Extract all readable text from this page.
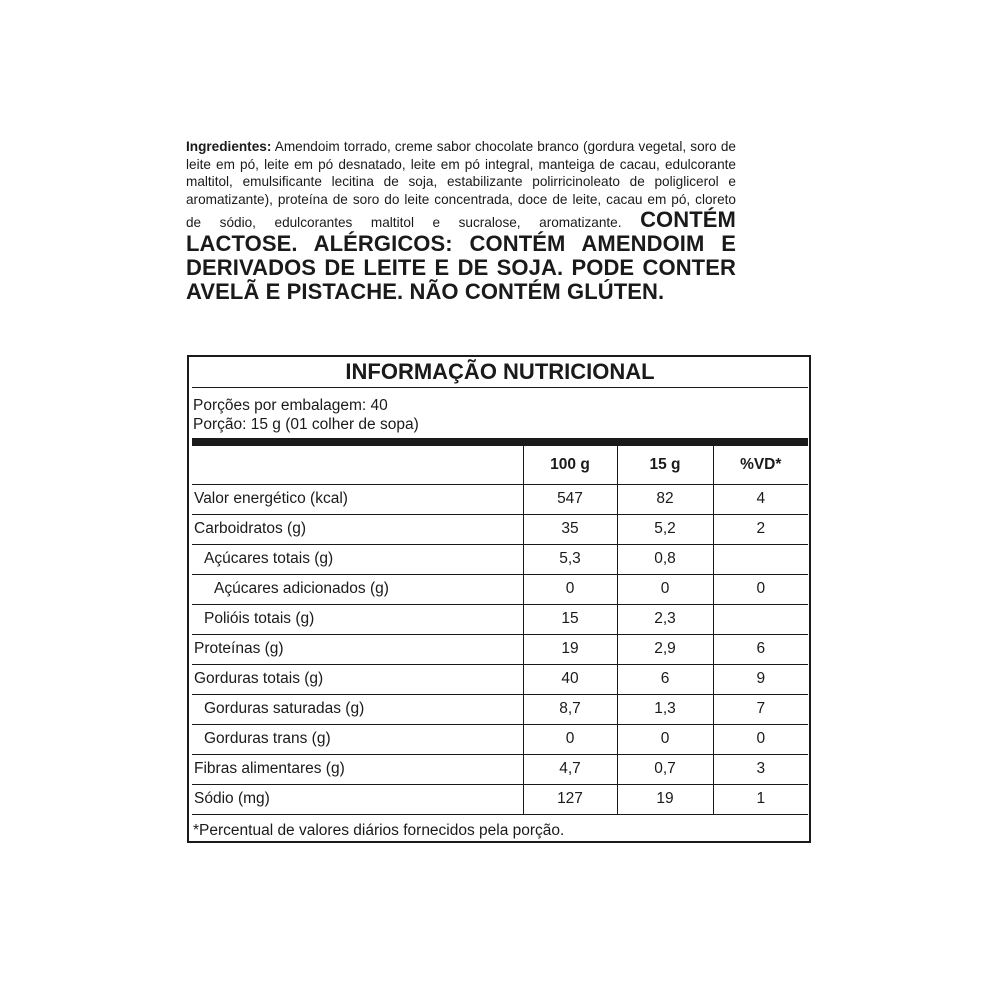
Ingredientes: Amendoim torrado, creme sabor chocolate branco (gordura vegetal, soro de leite em pó, leite em pó desnatado, leite em pó integral, manteiga de cacau, edulcorante maltitol, emulsificante lecitina de soja, estabilizante polirricinoleato de poliglicerol e aromatizante), proteína de soro do leite concentrada, doce de leite, cacau em pó, cloreto de sódio, edulcorantes maltitol e sucralose, aromatizante. CONTÉM LACTOSE. ALÉRGICOS: CONTÉM AMENDOIM E DERIVADOS DE LEITE E DE SOJA. PODE CONTER AVELÃ E PISTACHE. NÃO CONTÉM GLÚTEN.

INFORMAÇÃO NUTRICIONAL
Porções por embalagem: 40
Porção: 15 g (01 colher de sopa)
	100 g	15 g	%VD*
Valor energético (kcal)	547	82	4
Carboidratos (g)	35	5,2	2
Açúcares totais (g)	5,3	0,8	
Açúcares adicionados (g)	0	0	0
Polióis totais (g)	15	2,3	
Proteínas (g)	19	2,9	6
Gorduras totais (g)	40	6	9
Gorduras saturadas (g)	8,7	1,3	7
Gorduras trans (g)	0	0	0
Fibras alimentares (g)	4,7	0,7	3
Sódio (mg)	127	19	1
*Percentual de valores diários fornecidos pela porção.
